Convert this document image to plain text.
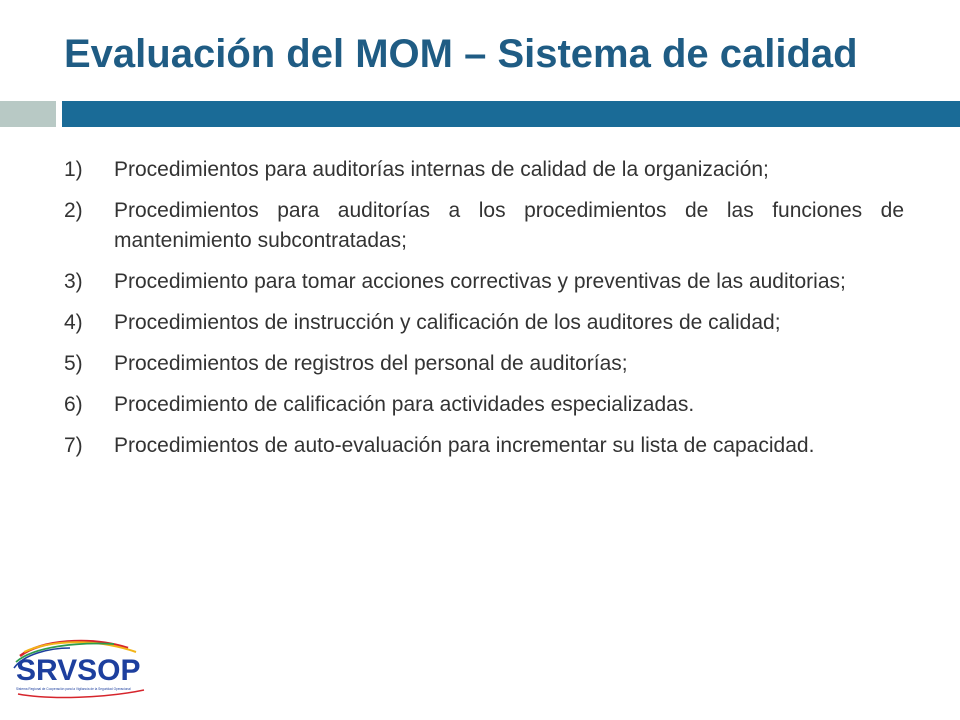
Evaluación del MOM – Sistema de calidad
1)	Procedimientos para auditorías internas de calidad de la organización;
2)	Procedimientos para auditorías a los procedimientos de las funciones de mantenimiento subcontratadas;
3)	Procedimiento para tomar acciones correctivas y preventivas de las auditorias;
4)	Procedimientos de instrucción y calificación de los auditores de calidad;
5)	Procedimientos de registros del personal de auditorías;
6)	Procedimiento de calificación para actividades especializadas.
7)	Procedimientos de auto-evaluación para incrementar su lista de capacidad.
SRVSOP
Sistema Regional de Cooperación para la Vigilancia de la Seguridad Operacional
